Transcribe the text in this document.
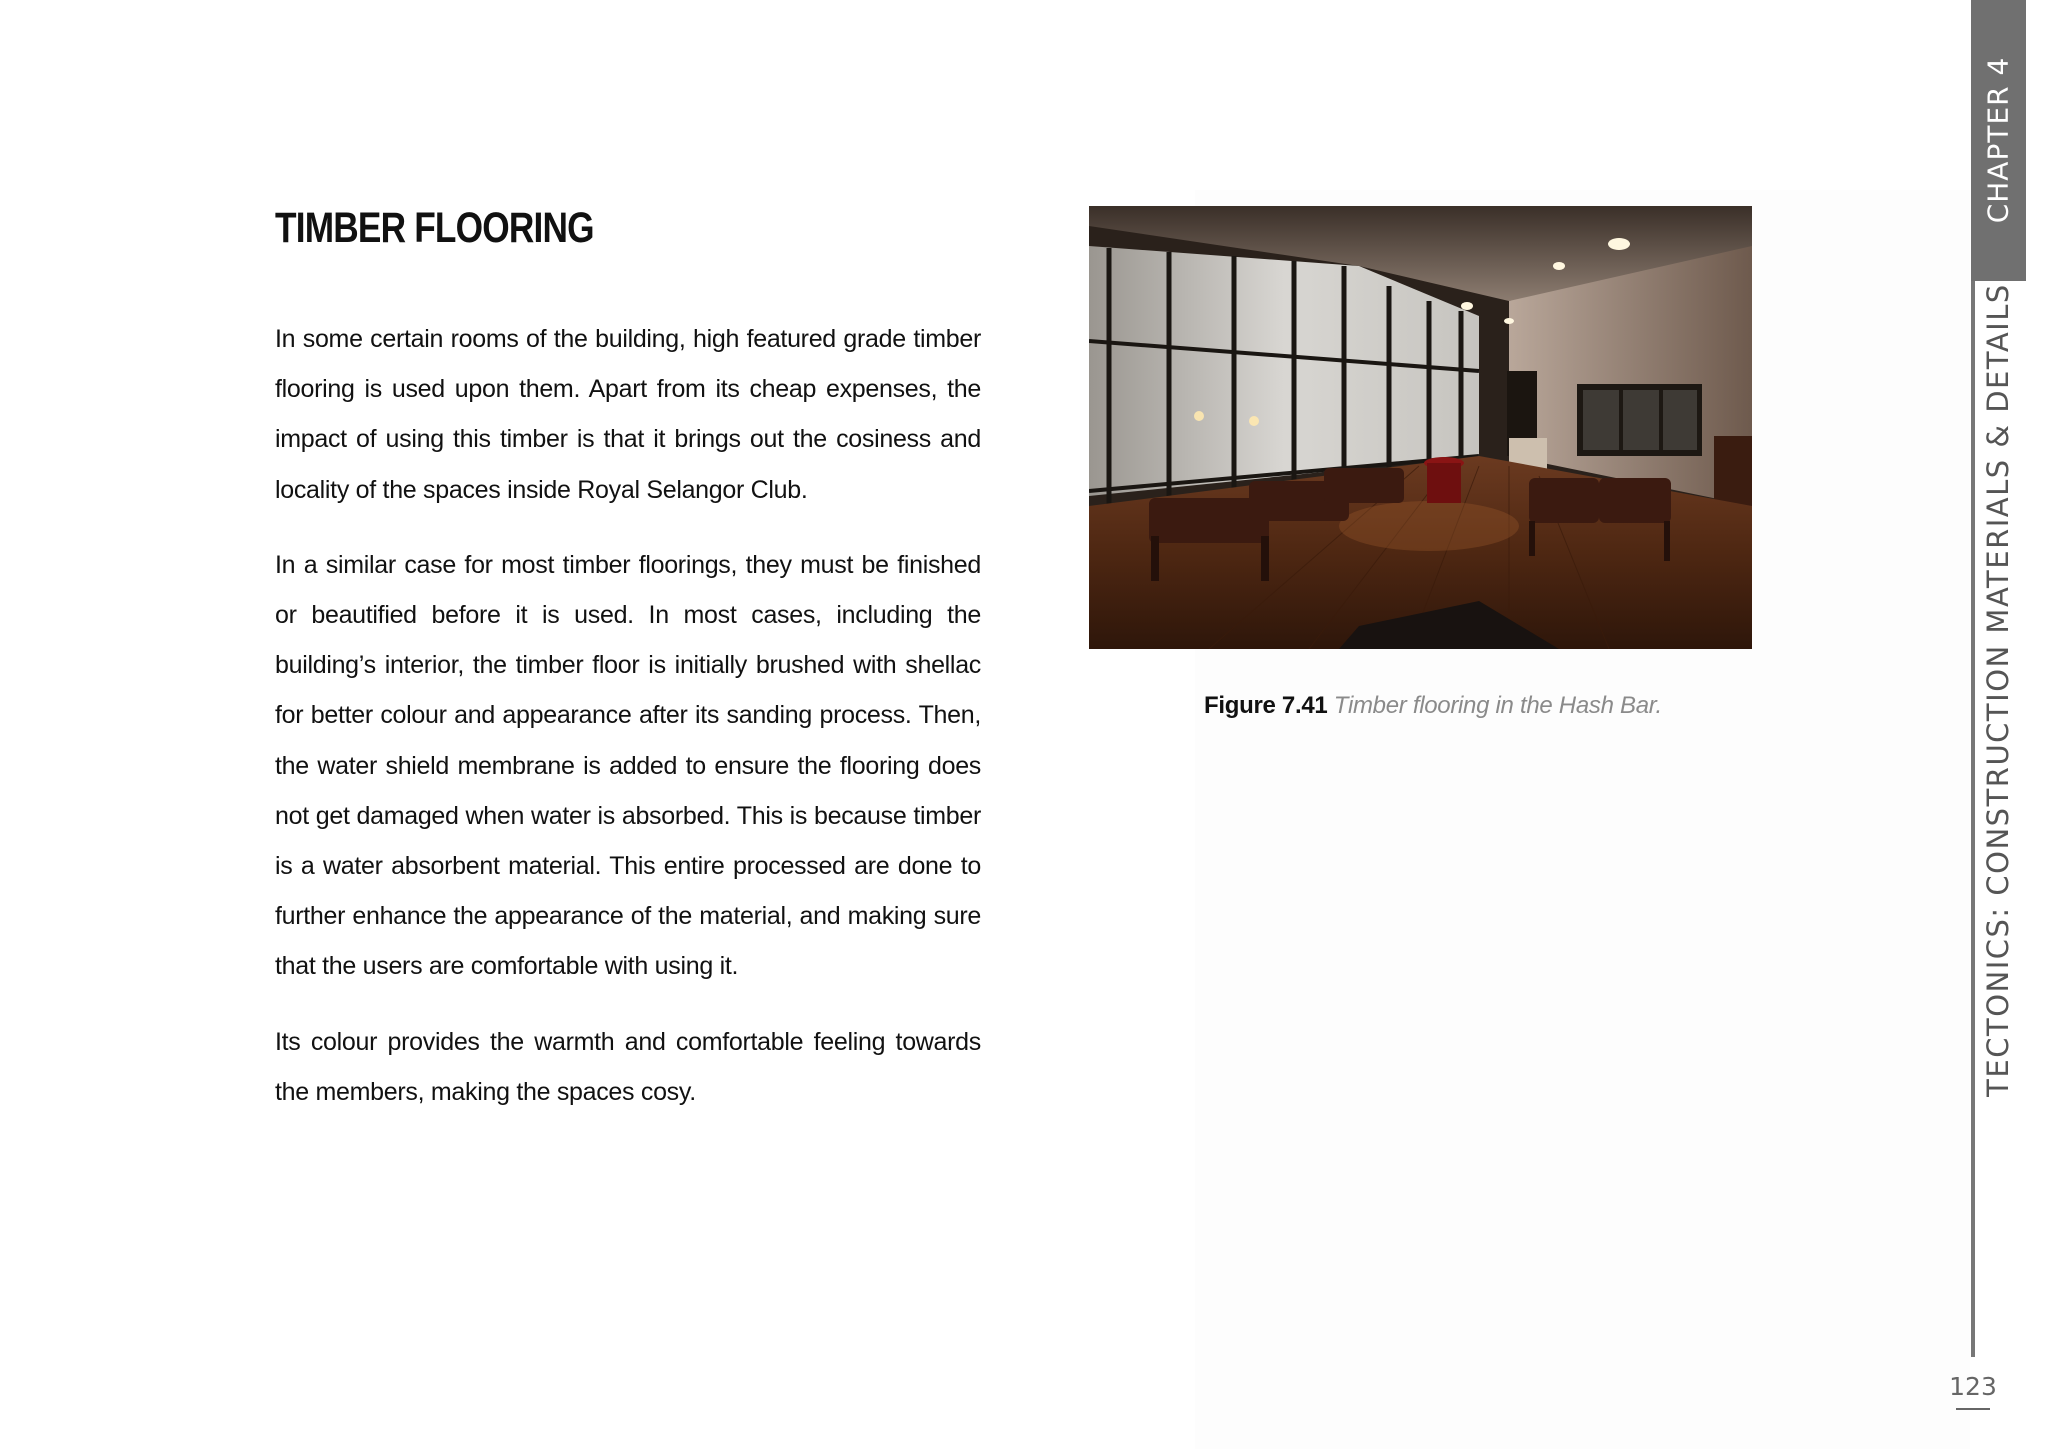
TIMBER FLOORING

In some certain rooms of the building, high featured grade timber flooring is used upon them. Apart from its cheap expenses, the impact of using this timber is that it brings out the cosiness and locality of the spaces inside Royal Selangor Club.

In a similar case for most timber floorings, they must be finished or beautified before it is used. In most cases, including the building’s interior, the timber floor is initially brushed with shellac for better colour and appearance after its sanding process. Then, the water shield membrane is added to ensure the flooring does not get damaged when water is absorbed. This is because timber is a water absorbent material. This entire processed are done to further enhance the appearance of the material, and making sure that the users are comfortable with using it.

Its colour provides the warmth and comfortable feeling towards the members, making the spaces cosy.

Figure 7.41 Timber flooring in the Hash Bar.
CHAPTER 4
TECTONICS: CONSTRUCTION MATERIALS & DETAILS
123
